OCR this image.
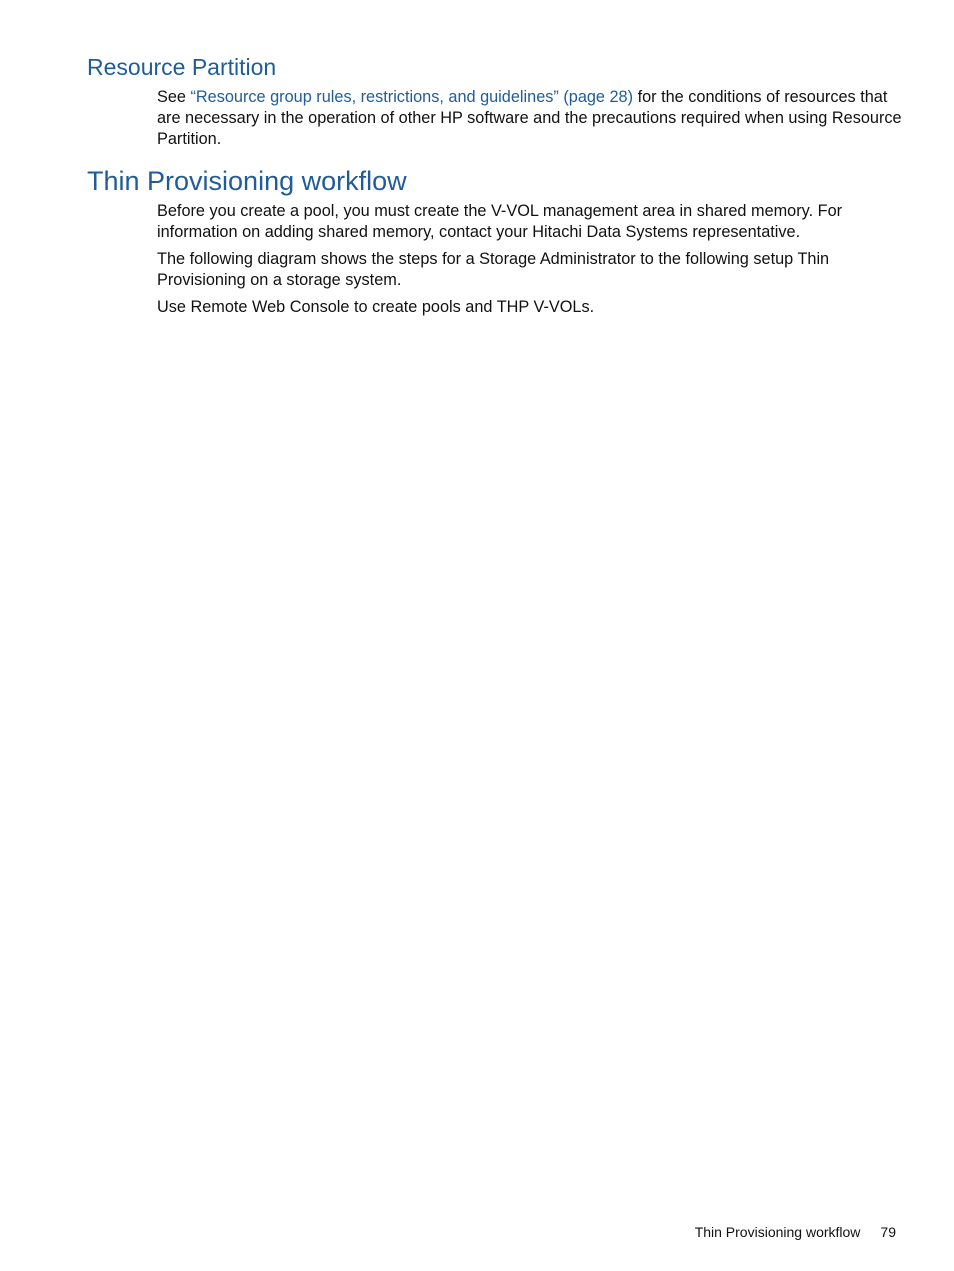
Resource Partition

See “Resource group rules, restrictions, and guidelines” (page 28) for the conditions of resources that are necessary in the operation of other HP software and the precautions required when using Resource Partition.

Thin Provisioning workflow

Before you create a pool, you must create the V-VOL management area in shared memory. For information on adding shared memory, contact your Hitachi Data Systems representative.

The following diagram shows the steps for a Storage Administrator to the following setup Thin Provisioning on a storage system.

Use Remote Web Console to create pools and THP V-VOLs.

Thin Provisioning workflow 79
